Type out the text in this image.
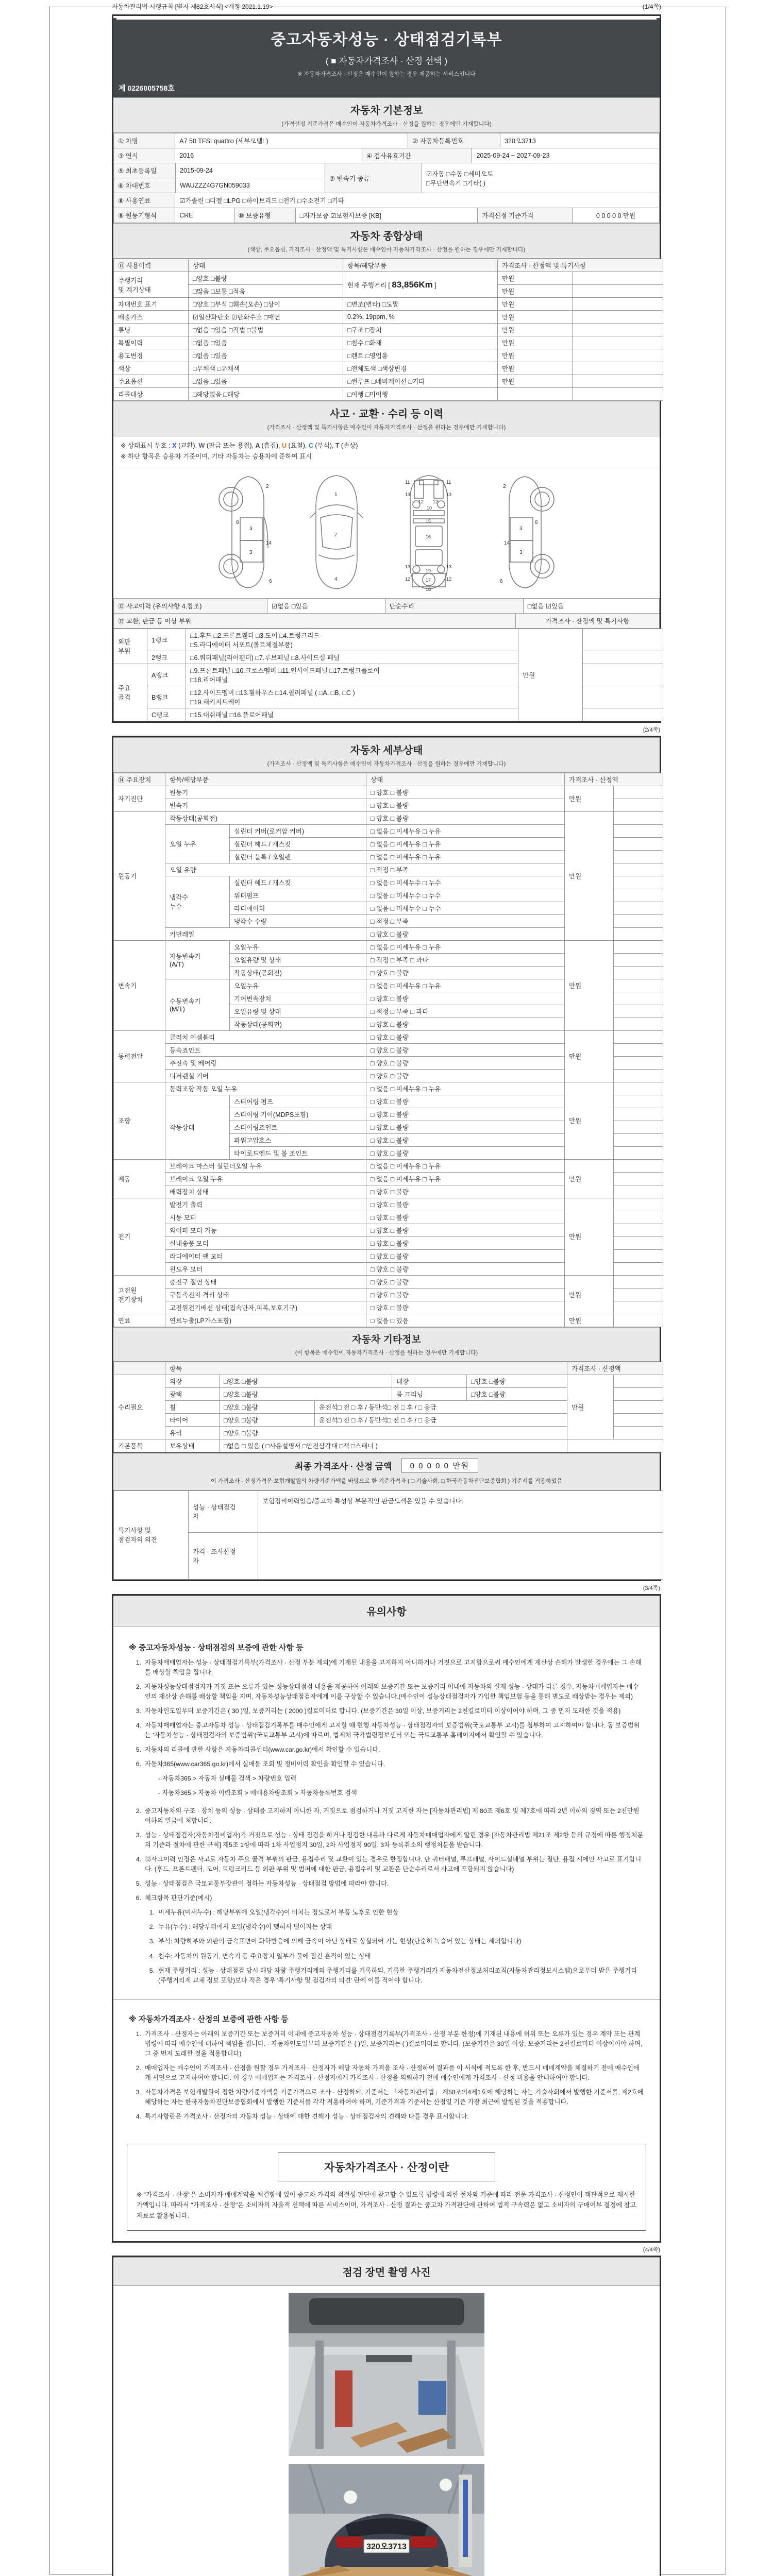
자동차관리법 시행규칙 [별지 제82호서식] <개정 2021.1.19>	(1/4쪽)
중고자동차성능 · 상태점검기록부
( ■ 자동차가격조사 · 산정 선택 )
※ 자동차가격조사 · 산정은 매수인이 원하는 경우 제공하는 서비스입니다
제 0226005758호
자동차 기본정보
(가격산정 기준가격은 매수인이 자동차가격조사 · 산정을 원하는 경우에만 기재합니다)
① 차명	A7 50 TFSI quattro (세부모델: )	② 자동차등록번호	320오3713
③ 연식	2016	④ 검사유효기간	2025-09-24 ~ 2027-09-23
⑤ 최초등록일	2015-09-24
⑥ 차대번호	WAUZZZ4G7GN059033
⑦ 변속기 종류
☑자동 □수동 □세미오토
□무단변속기 □기타( )
⑧ 사용연료	☑가솔린 □디젤 □LPG □하이브리드 □전기 □수소전기 □기타
⑨ 원동기형식	CRE	⑩ 보증유형	□자가보증 ☑보험사보증 [KB]	가격산정 기준가격	0 0 0 0 0 만원
자동차 종합상태
(색상, 주요옵션, 가격조사 · 산정액 및 특기사항은 매수인이 자동차가격조사 · 산정을 원하는 경우에만 기재합니다)
⑪ 사용이력	상태	항목/해당부품	가격조사 · 산정액 및 특기사항	
주행거리
및 계기상태	□양호 □불량	현재 주행거리 [ 83,856Km ]	만원	
	□많음 □보통 □적음		만원	
차대번호 표기	□양호 □부식 □훼손(오손) □상이	□변조(변타) □도말	만원	
배출가스	☑일산화탄소 ☑탄화수소 □매연	0.2%, 19ppm, %	만원	
튜닝	□없음 □있음 □적법 □불법	□구조 □장치	만원	
특별이력	□없음 □있음	□침수 □화재	만원	
용도변경	□없음 □있음	□렌트 □영업용	만원	
색상	□무채색 □유채색	□전체도색 □색상변경	만원	
주요옵션	□없음 □있음	□썬루프 □네비게이션 □기타	만원	
리콜대상	□해당없음 □해당	□이행 □미이행		
사고 · 교환 · 수리 등 이력
(가격조사 · 산정액 및 특기사항은 매수인이 자동차가격조사 · 산정을 원하는 경우에만 기재합니다)
※ 상태표시 부호 : X (교환), W (판금 또는 용접), A (흠집), U (요철), C (부식), T (손상)
※ 하단 항목은 승용차 기준이며, 기타 자동차는 승용차에 준하여 표시
2
8
3
3
14
6
1
7
4
11	11
13	13
12 12
10
15
16
13	13
12	12
19
17
18
2
8
3
3
14
6
⑫ 사고이력 (유의사항 4.참조)	☑없음 □있음	단순수리	□없음 ☑있음
⑬ 교환, 판금 등 이상 부위	가격조사 · 산정액 및 특기사항
외판
부위	1랭크	□1.후드 □2.프론트휀더 □3.도어 □4.트렁크리드
□5.라디에이터 서포트(볼트체결부품)	만원	
	2랭크	□6.쿼터패널(리어휀더) □7.루브패널 □8.사이드실 패널		
주요
골격	A랭크	□9.프론트패널 □10.크로스멤버 □11.인사이드패널 □17.트렁크플로어
□18.리어패널		
	B랭크	□12.사이드멤버 □13.휠하우스 □14.필러패널 ( □A, □B, □C )
□19.패키지트레이		
	C랭크	□15.대쉬패널 □16.플로어패널		
(2/4쪽)
자동차 세부상태
(가격조사 · 산정액 및 특기사항은 매수인이 자동차가격조사 · 산정을 원하는 경우에만 기재합니다)
⑭ 주요장치	항목/해당부품		상태	가격조사 · 산정액	
자기진단	원동기		□ 양호 □ 불량	만원	
	변속기		□ 양호 □ 불량		
원동기	작동상태(공회전)		□ 양호 □ 불량	만원	
	오일 누유	실린더 커버(로커암 커버)	□ 없음 □ 미세누유 □ 누유		
		실린더 헤드 / 개스킷	□ 없음 □ 미세누유 □ 누유		
		실린더 블록 / 오일팬	□ 없음 □ 미세누유 □ 누유		
	오일 유량		□ 적정 □ 부족		
	냉각수
누수	실린더 헤드 / 개스킷	□ 없음 □ 미세누수 □ 누수		
		워터펌프	□ 없음 □ 미세누수 □ 누수		
		라디에이터	□ 없음 □ 미세누수 □ 누수		
		냉각수 수량	□ 적정 □ 부족		
	커먼레일		□ 양호 □ 불량		
변속기	자동변속기
(A/T)	오일누유	□ 없음 □ 미세누유 □ 누유	만원	
		오일유량 및 상태	□ 적정 □ 부족 □ 과다		
		작동상태(공회전)	□ 양호 □ 불량		
	수동변속기
(M/T)	오일누유	□ 없음 □ 미세누유 □ 누유		
		기어변속장치	□ 양호 □ 불량		
		오일유량 및 상태	□ 적정 □ 부족 □ 과다		
		작동상태(공회전)	□ 양호 □ 불량		
동력전달	클러치 어셈블리		□ 양호 □ 불량	만원	
	등속죠인트		□ 양호 □ 불량		
	추진축 및 베어링		□ 양호 □ 불량		
	디퍼렌셜 기어		□ 양호 □ 불량		
조향	동력조향 작동 오일 누유		□ 없음 □ 미세누유 □ 누유	만원	
	작동상태	스티어링 펌프	□ 양호 □ 불량		
		스티어링 기어(MDPS포함)	□ 양호 □ 불량		
		스티어링조인트	□ 양호 □ 불량		
		파워고압호스	□ 양호 □ 불량		
		타이로드엔드 및 볼 조인트	□ 양호 □ 불량		
제동	브레이크 마스터 실린더오일 누유		□ 없음 □ 미세누유 □ 누유	만원	
	브레이크 오일 누유		□ 없음 □ 미세누유 □ 누유		
	배력장치 상태		□ 양호 □ 불량		
전기	발전기 출력		□ 양호 □ 불량	만원	
	시동 모터		□ 양호 □ 불량		
	와이퍼 모터 기능		□ 양호 □ 불량		
	실내송풍 모터		□ 양호 □ 불량		
	라디에이터 팬 모터		□ 양호 □ 불량		
	윈도우 모터		□ 양호 □ 불량		
고전원
전기장치	충전구 절연 상태		□ 양호 □ 불량	만원	
	구동축전지 격리 상태		□ 양호 □ 불량		
	고전원전기배선 상태(접속단자,피복,보호기구)		□ 양호 □ 불량		
연료	연료누출(LP가스포함)		□ 없음 □ 있음	만원	
자동차 기타정보
(이 항목은 매수인이 자동차가격조사 · 산정을 원하는 경우에만 기재합니다)
	항목					가격조사 · 산정액	
수리필요	외장	□양호 □불량		내장	□양호 □불량	만원	
	광택	□양호 □불량		룸 크리닝	□양호 □불량		
	휠	□양호 □불량	운전석□ 전 □ 후 / 동반석□ 전 □ 후 / □ 응급				
	타이어	□양호 □불량	운전석□ 전 □ 후 / 동반석□ 전 □ 후 / □ 응급				
	유리	□양호 □불량					
기본품목	보유상태	□없음 □ 있음 ( □사용설명서 □안전삼각대 □잭 □스패너 )					
최종 가격조사 · 산정 금액	0 0 0 0 0 만원
이 가격조사 · 산정가격은 보험개발원의 차량기준가액을 바탕으로 한 기준가격과 ( □ 기술사회, □ 한국자동차진단보증협회 ) 기준서를 적용하였음
특기사항 및
점검자의 의견	성능 · 상태점검
자	보험정비이력있음/중고차 특성상 부분적인 판금도색은 있을 수 있습니다.
	가격 · 조사산정
자	
(3/4쪽)
유의사항
※ 중고자동차성능 · 상태점검의 보증에 관한 사항 등
1. 자동차매매업자는 성능 · 상태점검기록부(가격조사 · 산정 부분 제외)에 기재된 내용을 고지하지 아니하거나 거짓으로 고지함으로써 매수인에게 재산상 손해가 발생한 경우에는 그 손해를 배상할 책임을 집니다.
2. 자동차성능상태점검자가 거짓 또는 오류가 있는 성능상태점검 내용을 제공하여 아래의 보증기간 또는 보증거리 이내에 자동차의 실제 성능 · 상태가 다른 경우, 자동차매매업자는 매수인의 재산상 손해를 배상할 책임을 지며, 자동차성능상태점검자에게 이를 구상할 수 있습니다.(매수인이 성능상태점검자가 가입한 책임보험 등을 통해 별도로 배상받는 경우는 제외)
3. 자동차인도일부터 보증기간은 ( 30 )일, 보증거리는 ( 2000 )킬로미터로 합니다. (보증기간은 30일 이상, 보증거리는 2천킬로미터 이상이어야 하며, 그 중 먼저 도래한 것을 적용)
4. 자동차매매업자는 중고자동차 성능 · 상태점검기록부를 매수인에게 고지할 때 현행 자동차성능 · 상태점검자의 보증범위(국토교통부 고시)를 첨부하여 고지하여야 합니다. 동 보증범위는 '자동차성능 · 상태점검자의 보증범위'(국토교통부 고시)에 따르며, 법제처 국가법령정보센터 또는 국토교통부 홈페이지에서 확인할 수 있습니다.
5. 자동차의 리콜에 관한 사항은 자동차리콜센터(www.car.go.kr)에서 확인할 수 있습니다.
6. 자동차365(www.car365.go.kr)에서 실매물 조회 및 정비이력 확인을 확인할 수 있습니다.
- 자동차365 > 자동차 실매물 검색 > 차량번호 입력
- 자동차365 > 자동차 이력조회 > 매매용차량조회 > 자동차등록번호 검색
2. 중고자동차의 구조 · 장치 등의 성능 · 상태를 고지하지 아니한 자, 거짓으로 점검하거나 거짓 고지한 자는 [자동차관리법] 제 80조 제6호 및 제7호에 따라 2년 이하의 징역 또는 2천만원 이하의 벌금에 처합니다.
3. 성능 · 상태점검자(자동차정비업자)가 거짓으로 성능 · 상태 점검을 하거나 점검한 내용과 다르게 자동차매매업자에게 알린 경우 [자동차관리법 제21조 제2항 등의 규정에 따른 행정처분의 기준과 절차에 관한 규칙] 제5조 1항에 따라 1차 사업정지 30일, 2차 사업정지 90일, 3차 등록취소의 행정처분을 받습니다.
4. ⑫사고이력 인정은 사고로 자동차 주요 골격 부위의 판금, 용접수리 및 교환이 있는 경우로 한정합니다. 단 쿼터패널, 루프패널, 사이드실패널 부위는 절단, 용접 시에만 사고로 표기합니다. (후드, 프론트펜더, 도어, 트렁크리드 등 외판 부위 및 범퍼에 대한 판금, 용접수리 및 교환은 단순수리로서 사고에 포함되지 않습니다)
5. 성능 · 상태점검은 국토교통부장관이 정하는 자동차성능 · 상태점검 방법에 따라야 합니다.
6. 체크항목 판단기준(예시)
1. 미세누유(미세누수) : 해당부위에 오일(냉각수)이 비치는 정도로서 부품 노후로 인한 현상
2. 누유(누수) : 해당부위에서 오일(냉각수)이 맺혀서 떨어지는 상태
3. 부식: 차량하부와 외판의 금속표면이 화학반응에 의해 금속이 아닌 상태로 상실되어 가는 현상(단순히 녹슬어 있는 상태는 제외합니다)
4. 침수: 자동차의 원동기, 변속기 등 주요장치 일부가 물에 잠긴 흔적이 있는 상태
5. 현재 주행거리 : 성능 · 상태점검 당시 해당 차량 주행거리계의 주행거리를 기록하되, 기록한 주행거리가 자동차전산정보처리조직(자동차관리정보시스템)으로부터 받은 주행거리(주행거리계 교체 정보 포함)보다 적은 경우 '특기사항 및 점검자의 의견' 란에 이를 적어야 합니다.
※ 자동차가격조사 · 산정의 보증에 관한 사항 등
1. 가격조사 · 산정자는 아래의 보증기간 또는 보증거리 이내에 중고자동차 성능 · 상태점검기록부(가격조사 · 산정 부분 한정)에 기재된 내용에 허위 또는 오류가 있는 경우 계약 또는 관계법령에 따라 매수인에 대하여 책임을 집니다. · 자동차인도일부터 보증기간은 ( )일, 보증거리는 ( )킬로미터로 합니다. (보증기간은 30일 이상, 보증거리는 2천킬로미터 이상이어야 하며, 그 중 먼저 도래한 것을 적용합니다)
2. 매매업자는 매수인이 가격조사 · 산정을 원할 경우 가격조사 · 산정자가 해당 자동차 가격을 조사 · 산정하여 결과를 이 서식에 적도록 한 후, 반드시 매매계약을 체결하기 전에 매수인에게 서면으로 고지하여야 합니다. 이 경우 매매업자는 가격조사 · 산정자에게 가격조사 · 산정을 의뢰하기 전에 매수인에게 가격조사 · 산정 비용을 안내하여야 합니다.
3. 자동차가격은 보험개발원이 정한 차량기준가액을 기준가격으로 조사 · 산정하되, 기준서는 「자동차관리법」 제58조의4제1호에 해당하는 자는 기술사회에서 발행한 기준서를, 제2호에 해당하는 자는 한국자동차진단보증협회에서 발행한 기준서를 각각 적용하여야 하며, 기준가격과 기준서는 산정일 기준 가장 최근에 발행된 것을 적용합니다.
4. 특기사항란은 가격조사 · 산정자의 자동차 성능 · 상태에 대한 견해가 성능 · 상태점검자의 견해와 다를 경우 표시합니다.
자동차가격조사 · 산정이란
※ "가격조사 · 산정"은 소비자가 매매계약을 체결함에 있어 중고차 가격의 적절성 판단에 참고할 수 있도록 법령에 의한 절차와 기준에 따라 전문 가격조사 · 산정인이 객관적으로 제시한 가액입니다. 따라서 "가격조사 · 산정"은 소비자의 자율적 선택에 따른 서비스이며, 가격조사 · 산정 결과는 중고차 가격판단에 관하여 법적 구속력은 없고 소비자의 구매여부 결정에 참고자료로 활용됩니다.
(4/4쪽)
점검 장면 촬영 사진
320오3713
